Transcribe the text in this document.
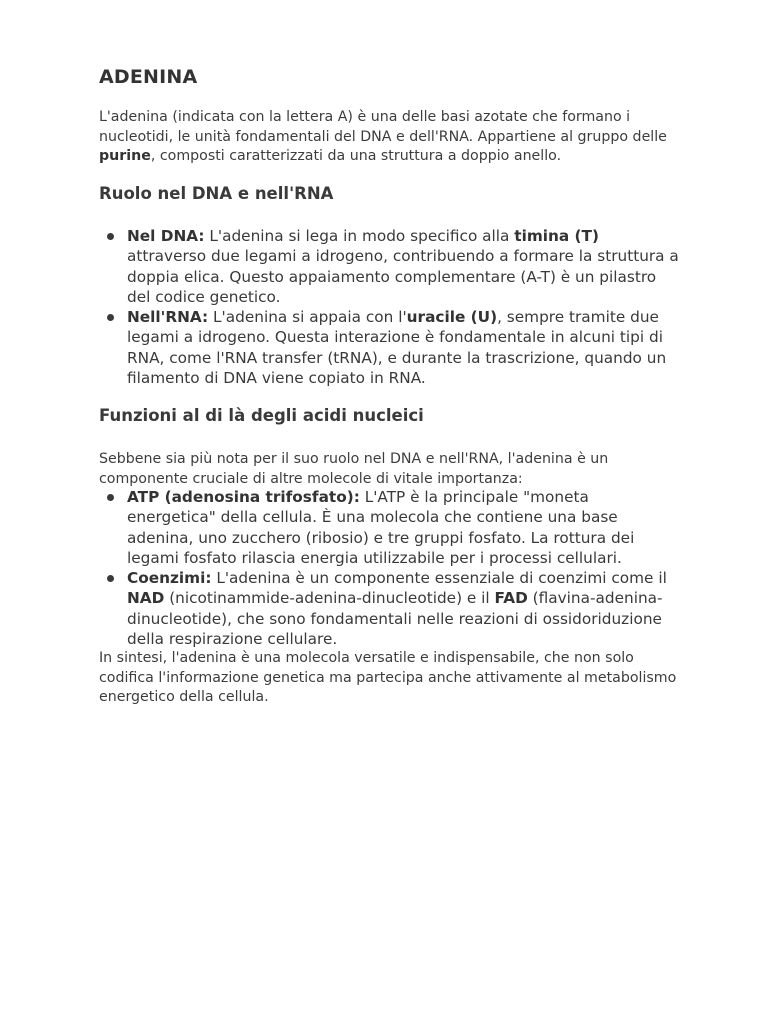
ADENINA

L'adenina (indicata con la lettera A) è una delle basi azotate che formano i nucleotidi, le unità fondamentali del DNA e dell'RNA. Appartiene al gruppo delle purine, composti caratterizzati da una struttura a doppio anello.

Ruolo nel DNA e nell'RNA
Nel DNA: L'adenina si lega in modo specifico alla timina (T) attraverso due legami a idrogeno, contribuendo a formare la struttura a doppia elica. Questo appaiamento complementare (A-T) è un pilastro del codice genetico.
Nell'RNA: L'adenina si appaia con l'uracile (U), sempre tramite due legami a idrogeno. Questa interazione è fondamentale in alcuni tipi di RNA, come l'RNA transfer (tRNA), e durante la trascrizione, quando un filamento di DNA viene copiato in RNA.
Funzioni al di là degli acidi nucleici

Sebbene sia più nota per il suo ruolo nel DNA e nell'RNA, l'adenina è un componente cruciale di altre molecole di vitale importanza:

ATP (adenosina trifosfato): L'ATP è la principale "moneta energetica" della cellula. È una molecola che contiene una base adenina, uno zucchero (ribosio) e tre gruppi fosfato. La rottura dei legami fosfato rilascia energia utilizzabile per i processi cellulari.
Coenzimi: L'adenina è un componente essenziale di coenzimi come il NAD (nicotinammide-adenina-dinucleotide) e il FAD (flavina-adenina-dinucleotide), che sono fondamentali nelle reazioni di ossidoriduzione della respirazione cellulare.

In sintesi, l'adenina è una molecola versatile e indispensabile, che non solo codifica l'informazione genetica ma partecipa anche attivamente al metabolismo energetico della cellula.
